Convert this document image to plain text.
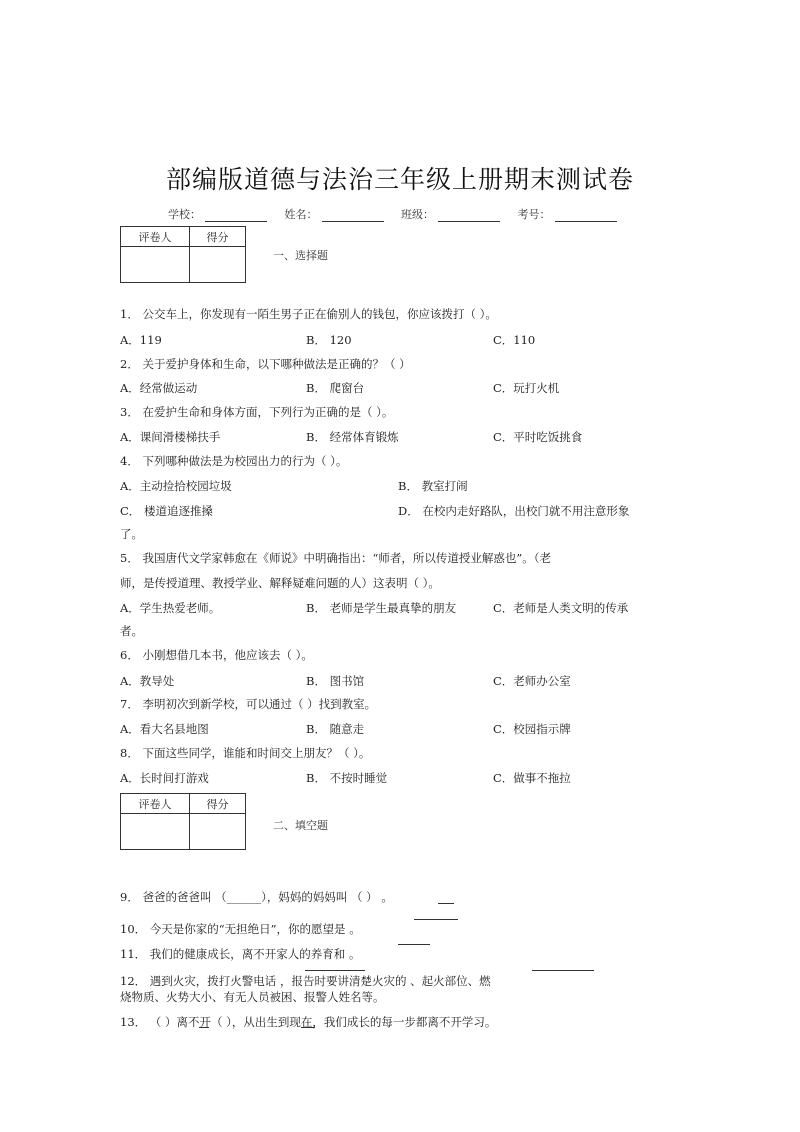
部编版道德与法治三年级上册期末测试卷
学校：	姓名：	班级：	考号：
评卷人	得分

一、选择题
1． 公交车上，你发现有一陌生男子正在偷别人的钱包，你应该拨打（ ）。
A．119	B． 120	C．110
2． 关于爱护身体和生命，以下哪种做法是正确的？（ ）
A．经常做运动	B． 爬窗台	C．玩打火机
3． 在爱护生命和身体方面，下列行为正确的是（ ）。
A．课间滑楼梯扶手	B． 经常体育锻炼	C．平时吃饭挑食
4． 下列哪种做法是为校园出力的行为（ ）。
A．主动捡拾校园垃圾	B． 教室打闹
C． 楼道追逐推搡	D． 在校内走好路队，出校门就不用注意形象
了。
5． 我国唐代文学家韩愈在《师说》中明确指出：“师者，所以传道授业解惑也”。（老
师，是传授道理、教授学业、解释疑难问题的人）这表明（ ）。
A．学生热爱老师。	B． 老师是学生最真挚的朋友	C．老师是人类文明的传承
者。
6． 小刚想借几本书，他应该去（ ）。
A．教导处	B． 图书馆	C．老师办公室
7． 李明初次到新学校，可以通过（ ）找到教室。
A．看大名县地图	B． 随意走	C．校园指示牌
8． 下面这些同学，谁能和时间交上朋友？（ ）。
A．长时间打游戏	B． 不按时睡觉	C．做事不拖拉
评卷人	得分

二、填空题
9． 爸爸的爸爸叫 （______），妈妈的妈妈叫 （ ） 。
10． 今天是你家的“无担绝日”，你的愿望是 。
11． 我们的健康成长，离不开家人的养育和 。
12． 遇到火灾，拨打火警电话 ，报告时要讲清楚火灾的 、起火部位、燃
烧物质、火势大小、有无人员被困、报警人姓名等。
13． （ ）离不开（ ），从出生到现在，我们成长的每一步都离不开学习。
